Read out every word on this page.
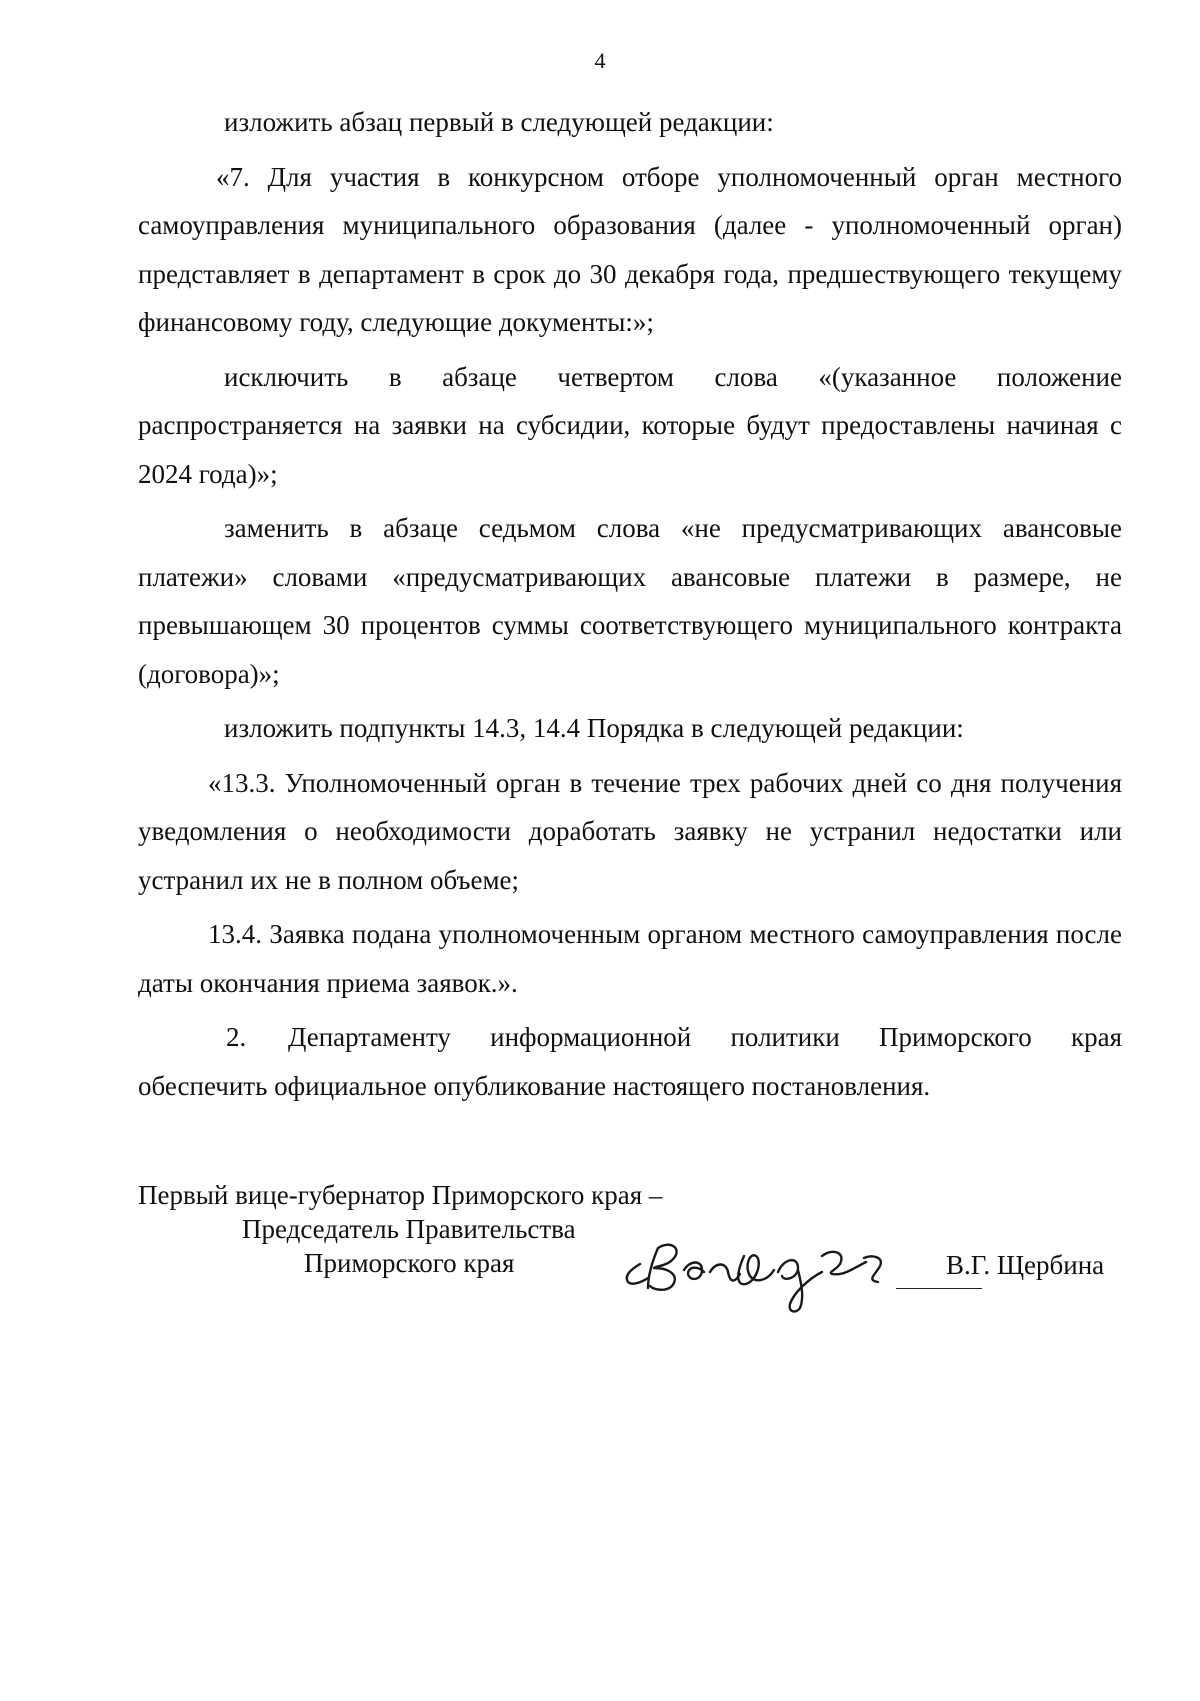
4

изложить абзац первый в следующей редакции:

«7. Для участия в конкурсном отборе уполномоченный орган местного самоуправления муниципального образования (далее - уполномоченный орган) представляет в департамент в срок до 30 декабря года, предшествующего текущему финансовому году, следующие документы:»;

исключить в абзаце четвертом слова «(указанное положение распространяется на заявки на субсидии, которые будут предоставлены начиная с 2024 года)»;

заменить в абзаце седьмом слова «не предусматривающих авансовые платежи» словами «предусматривающих авансовые платежи в размере, не превышающем 30 процентов суммы соответствующего муниципального контракта (договора)»;

изложить подпункты 14.3, 14.4 Порядка в следующей редакции:

«13.3. Уполномоченный орган в течение трех рабочих дней со дня получения уведомления о необходимости доработать заявку не устранил недостатки или устранил их не в полном объеме;

13.4. Заявка подана уполномоченным органом местного самоуправления после даты окончания приема заявок.».

2. Департаменту информационной политики Приморского края обеспечить официальное опубликование настоящего постановления.

Первый вице-губернатор Приморского края –
Председатель Правительства
Приморского края	В.Г. Щербина
